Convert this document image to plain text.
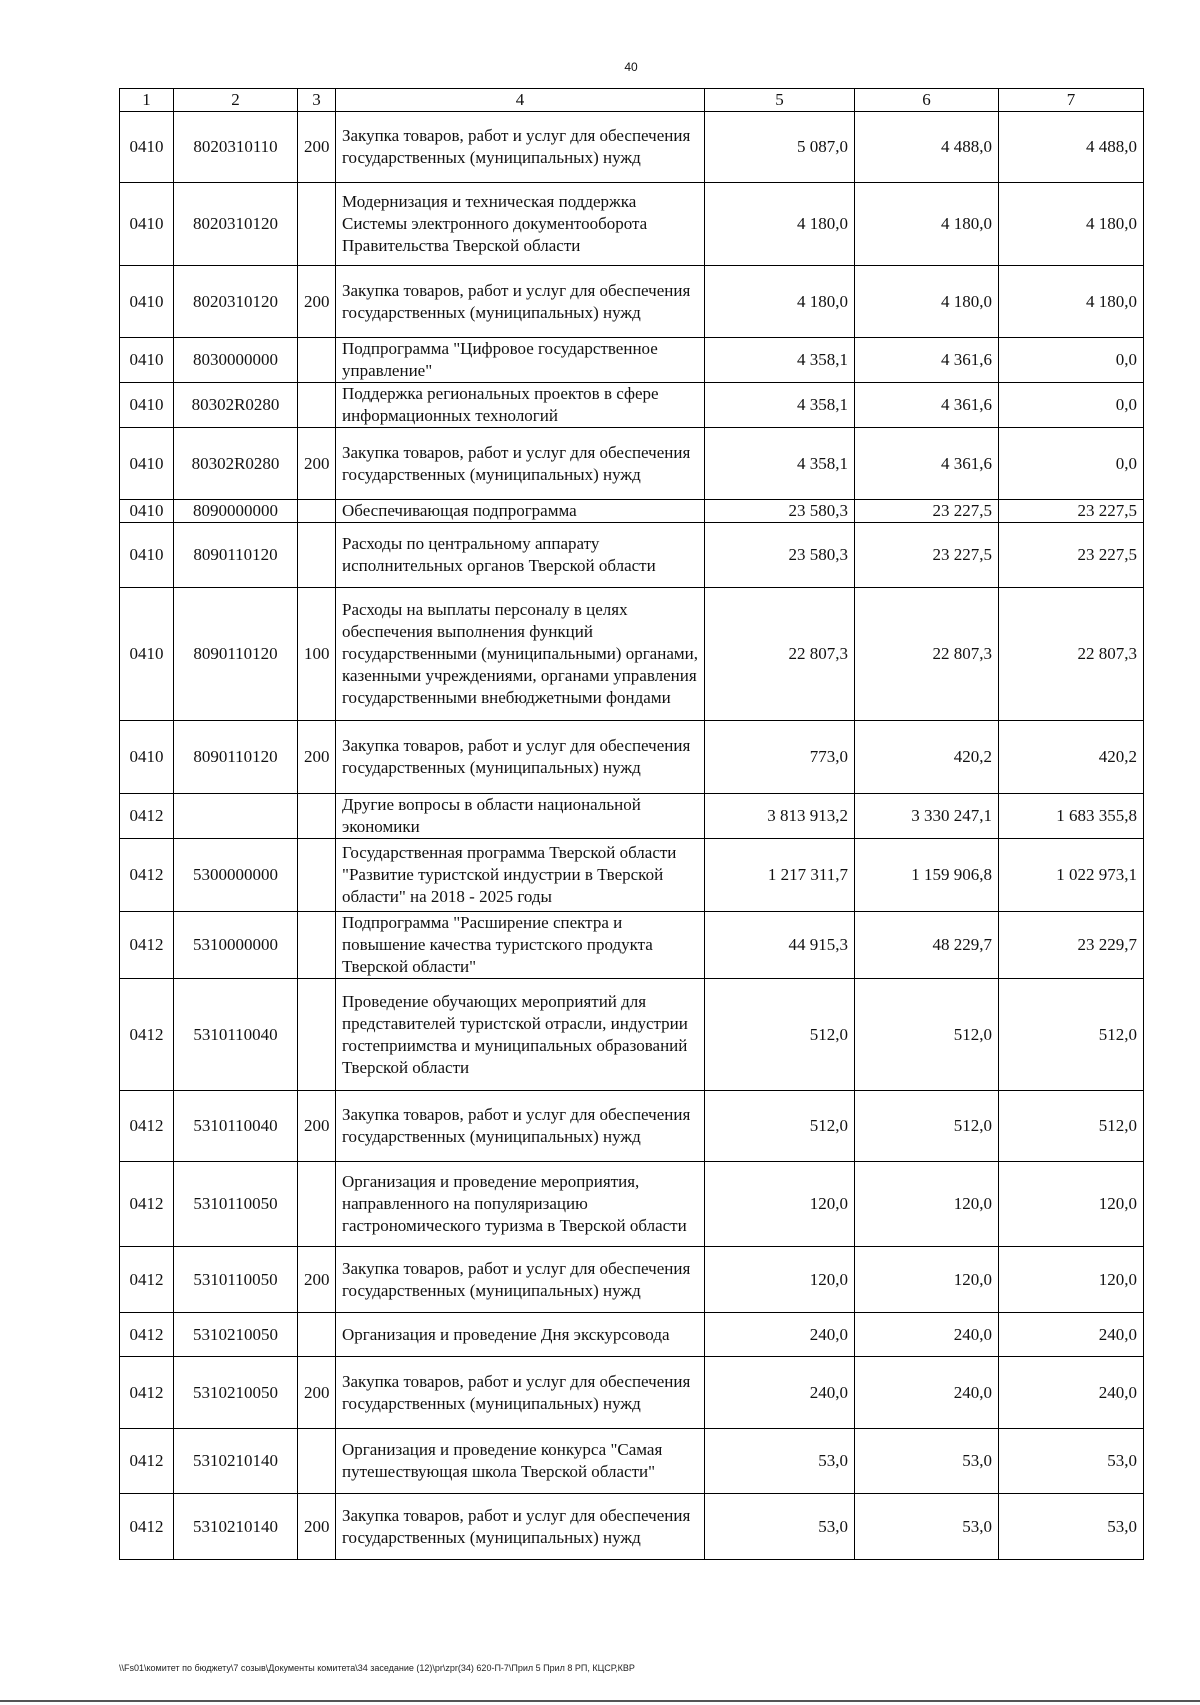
40
1	2	3	4	5	6	7
0410	8020310110	200	Закупка товаров, работ и услуг для обеспечения государственных (муниципальных) нужд	5 087,0	4 488,0	4 488,0
0410	8020310120		Модернизация и техническая поддержка Системы электронного документооборота Правительства Тверской области	4 180,0	4 180,0	4 180,0
0410	8020310120	200	Закупка товаров, работ и услуг для обеспечения государственных (муниципальных) нужд	4 180,0	4 180,0	4 180,0
0410	8030000000		Подпрограмма "Цифровое государственное управление"	4 358,1	4 361,6	0,0
0410	80302R0280		Поддержка региональных проектов в сфере информационных технологий	4 358,1	4 361,6	0,0
0410	80302R0280	200	Закупка товаров, работ и услуг для обеспечения государственных (муниципальных) нужд	4 358,1	4 361,6	0,0
0410	8090000000		Обеспечивающая подпрограмма	23 580,3	23 227,5	23 227,5
0410	8090110120		Расходы по центральному аппарату исполнительных органов Тверской области	23 580,3	23 227,5	23 227,5
0410	8090110120	100	Расходы на выплаты персоналу в целях обеспечения выполнения функций государственными (муниципальными) органами, казенными учреждениями, органами управления государственными внебюджетными фондами	22 807,3	22 807,3	22 807,3
0410	8090110120	200	Закупка товаров, работ и услуг для обеспечения государственных (муниципальных) нужд	773,0	420,2	420,2
0412			Другие вопросы в области национальной экономики	3 813 913,2	3 330 247,1	1 683 355,8
0412	5300000000		Государственная программа Тверской области "Развитие туристской индустрии в Тверской области" на 2018 - 2025 годы	1 217 311,7	1 159 906,8	1 022 973,1
0412	5310000000		Подпрограмма "Расширение спектра и повышение качества туристского продукта Тверской области"	44 915,3	48 229,7	23 229,7
0412	5310110040		Проведение обучающих мероприятий для представителей туристской отрасли, индустрии гостеприимства и муниципальных образований Тверской области	512,0	512,0	512,0
0412	5310110040	200	Закупка товаров, работ и услуг для обеспечения государственных (муниципальных) нужд	512,0	512,0	512,0
0412	5310110050		Организация и проведение мероприятия, направленного на популяризацию гастрономического туризма в Тверской области	120,0	120,0	120,0
0412	5310110050	200	Закупка товаров, работ и услуг для обеспечения государственных (муниципальных) нужд	120,0	120,0	120,0
0412	5310210050		Организация и проведение Дня экскурсовода	240,0	240,0	240,0
0412	5310210050	200	Закупка товаров, работ и услуг для обеспечения государственных (муниципальных) нужд	240,0	240,0	240,0
0412	5310210140		Организация и проведение конкурса "Самая путешествующая школа Тверской области"	53,0	53,0	53,0
0412	5310210140	200	Закупка товаров, работ и услуг для обеспечения государственных (муниципальных) нужд	53,0	53,0	53,0
\\Fs01\комитет по бюджету\7 созыв\Документы комитета\34 заседание (12)\pr\zpr(34) 620-П-7\Прил 5 Прил 8 РП, КЦСР,КВР
